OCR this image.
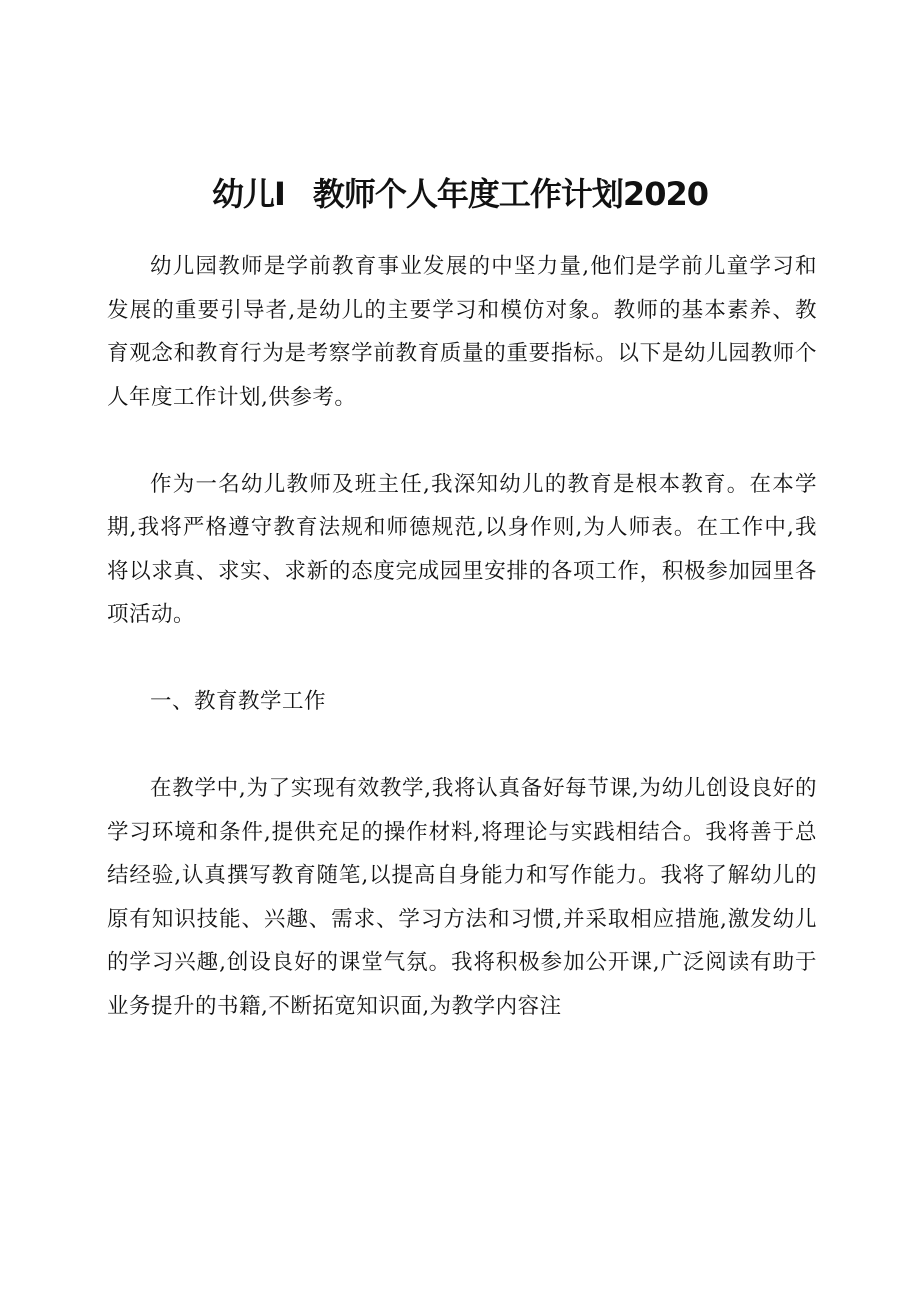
幼儿I 教师个人年度工作计划2020

幼儿园教师是学前教育事业发展的中坚力量,他们是学前儿童学习和发展的重要引导者,是幼儿的主要学习和模仿对象。教师的基本素养、教育观念和教育行为是考察学前教育质量的重要指标。以下是幼儿园教师个人年度工作计划,供参考。

作为一名幼儿教师及班主任,我深知幼儿的教育是根本教育。在本学期,我将严格遵守教育法规和师德规范,以身作则,为人师表。在工作中,我将以求真、求实、求新的态度完成园里安排的各项工作，积极参加园里各项活动。

一、教育教学工作

在教学中,为了实现有效教学,我将认真备好每节课,为幼儿创设良好的学习环境和条件,提供充足的操作材料,将理论与实践相结合。我将善于总结经验,认真撰写教育随笔,以提高自身能力和写作能力。我将了解幼儿的原有知识技能、兴趣、需求、学习方法和习惯,并采取相应措施,激发幼儿的学习兴趣,创设良好的课堂气氛。我将积极参加公开课,广泛阅读有助于业务提升的书籍,不断拓宽知识面,为教学内容注
